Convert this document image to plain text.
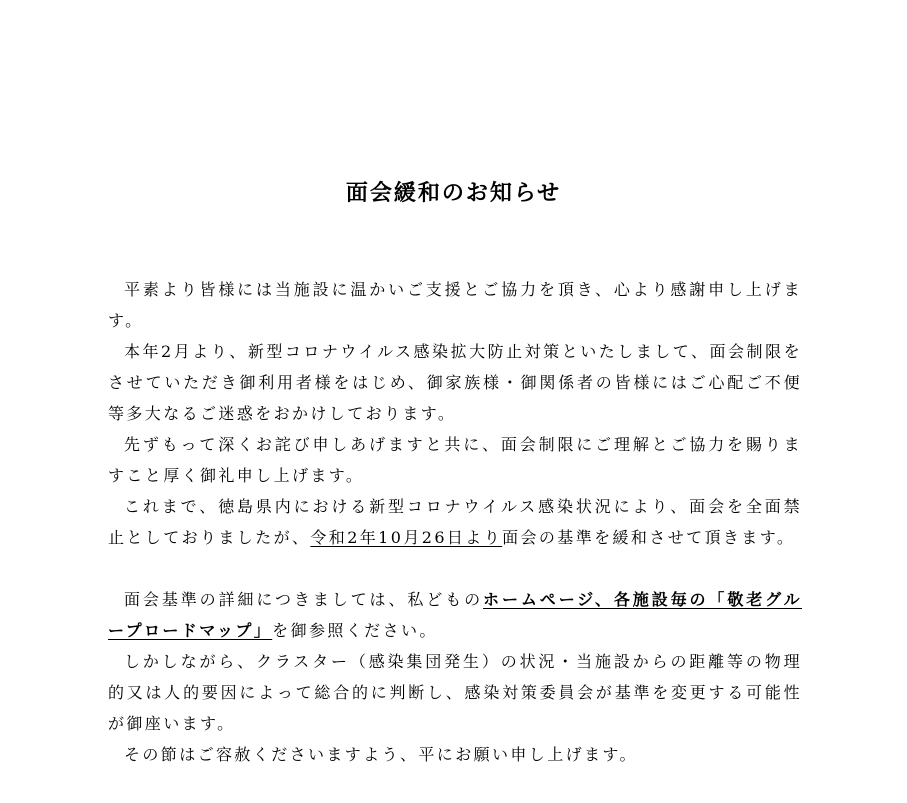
面会緩和のお知らせ

平素より皆様には当施設に温かいご支援とご協力を頂き、心より感謝申し上げます。

本年2月より、新型コロナウイルス感染拡大防止対策といたしまして、面会制限をさせていただき御利用者様をはじめ、御家族様・御関係者の皆様にはご心配ご不便等多大なるご迷惑をおかけしております。

先ずもって深くお詫び申しあげますと共に、面会制限にご理解とご協力を賜りますこと厚く御礼申し上げます。

これまで、徳島県内における新型コロナウイルス感染状況により、面会を全面禁止としておりましたが、令和2年10月26日より面会の基準を緩和させて頂きます。

面会基準の詳細につきましては、私どものホームページ、各施設毎の「敬老グループロードマップ」を御参照ください。

しかしながら、クラスター（感染集団発生）の状況・当施設からの距離等の物理的又は人的要因によって総合的に判断し、感染対策委員会が基準を変更する可能性が御座います。

その節はご容赦くださいますよう、平にお願い申し上げます。
